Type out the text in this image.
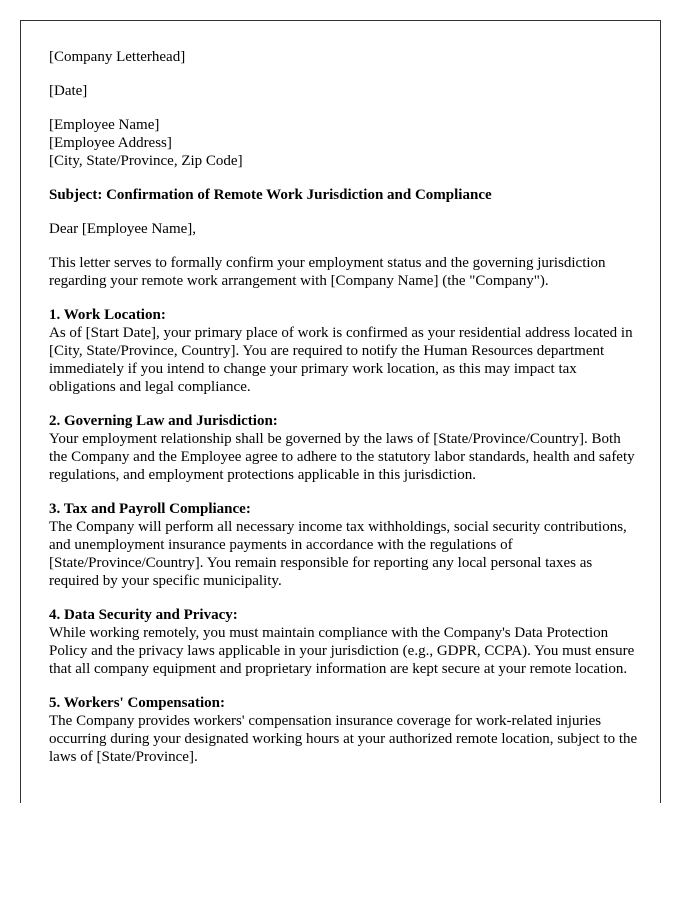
[Company Letterhead]

[Date]

[Employee Name]
[Employee Address]
[City, State/Province, Zip Code]

Subject: Confirmation of Remote Work Jurisdiction and Compliance

Dear [Employee Name],

This letter serves to formally confirm your employment status and the governing jurisdiction regarding your remote work arrangement with [Company Name] (the "Company").

1. Work Location:
As of [Start Date], your primary place of work is confirmed as your residential address located in [City, State/Province, Country]. You are required to notify the Human Resources department immediately if you intend to change your primary work location, as this may impact tax obligations and legal compliance.

2. Governing Law and Jurisdiction:
Your employment relationship shall be governed by the laws of [State/Province/Country]. Both the Company and the Employee agree to adhere to the statutory labor standards, health and safety regulations, and employment protections applicable in this jurisdiction.

3. Tax and Payroll Compliance:
The Company will perform all necessary income tax withholdings, social security contributions, and unemployment insurance payments in accordance with the regulations of [State/Province/Country]. You remain responsible for reporting any local personal taxes as required by your specific municipality.

4. Data Security and Privacy:
While working remotely, you must maintain compliance with the Company's Data Protection Policy and the privacy laws applicable in your jurisdiction (e.g., GDPR, CCPA). You must ensure that all company equipment and proprietary information are kept secure at your remote location.

5. Workers' Compensation:
The Company provides workers' compensation insurance coverage for work-related injuries occurring during your designated working hours at your authorized remote location, subject to the laws of [State/Province].
